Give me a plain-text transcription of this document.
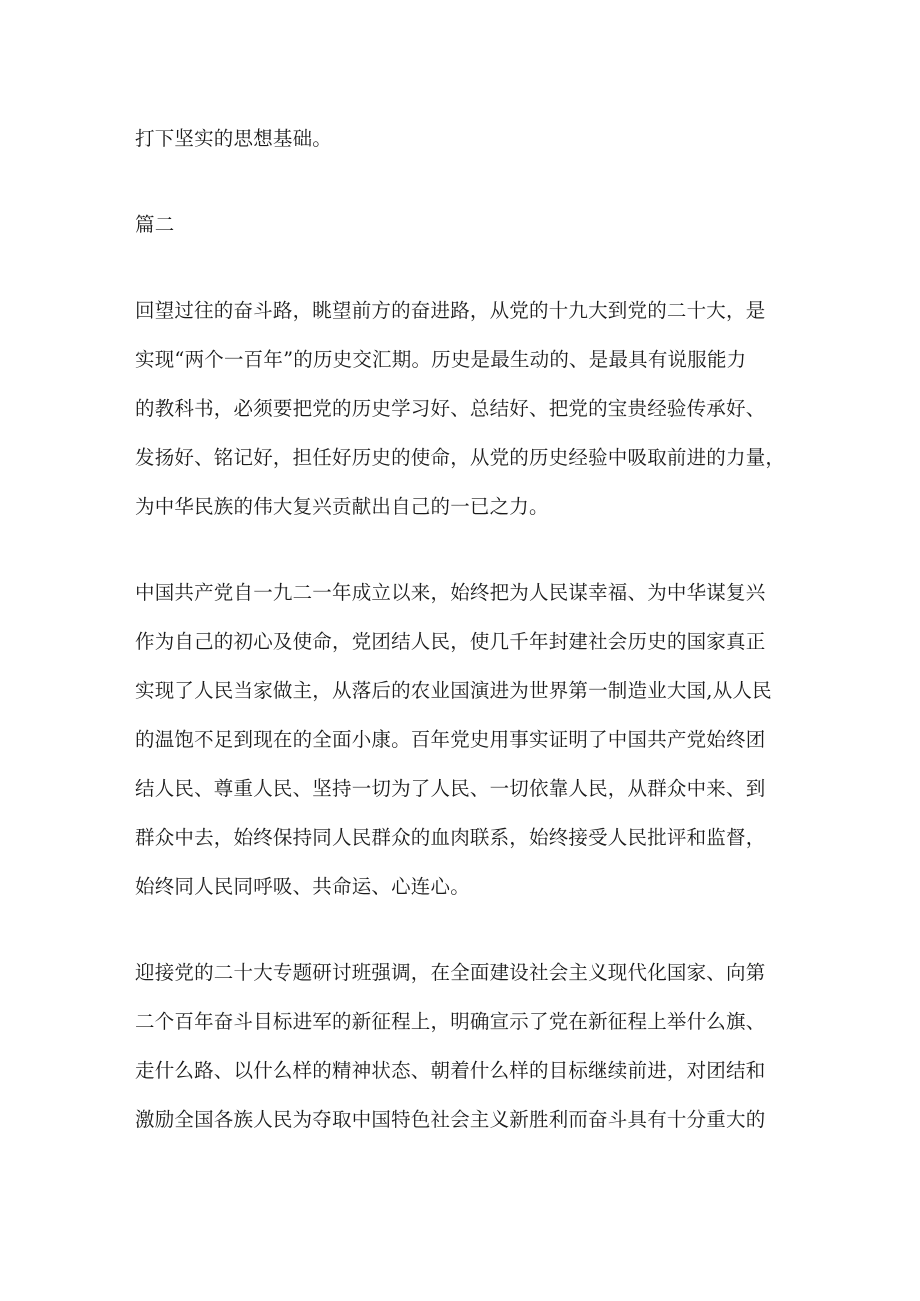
打下坚实的思想基础。
篇二
回望过往的奋斗路，眺望前方的奋进路，从党的十九大到党的二十大，是
实现“两个一百年”的历史交汇期。历史是最生动的、是最具有说服能力
的教科书，必须要把党的历史学习好、总结好、把党的宝贵经验传承好、
发扬好、铭记好，担任好历史的使命，从党的历史经验中吸取前进的力量，
为中华民族的伟大复兴贡献出自己的一已之力。
中国共产党自一九二一年成立以来，始终把为人民谋幸福、为中华谋复兴
作为自己的初心及使命，党团结人民，使几千年封建社会历史的国家真正
实现了人民当家做主，从落后的农业国演进为世界第一制造业大国,从人民
的温饱不足到现在的全面小康。百年党史用事实证明了中国共产党始终团
结人民、尊重人民、坚持一切为了人民、一切依靠人民，从群众中来、到
群众中去，始终保持同人民群众的血肉联系，始终接受人民批评和监督，
始终同人民同呼吸、共命运、心连心。
迎接党的二十大专题研讨班强调，在全面建设社会主义现代化国家、向第
二个百年奋斗目标进军的新征程上，明确宣示了党在新征程上举什么旗、
走什么路、以什么样的精神状态、朝着什么样的目标继续前进，对团结和
激励全国各族人民为夺取中国特色社会主义新胜利而奋斗具有十分重大的
